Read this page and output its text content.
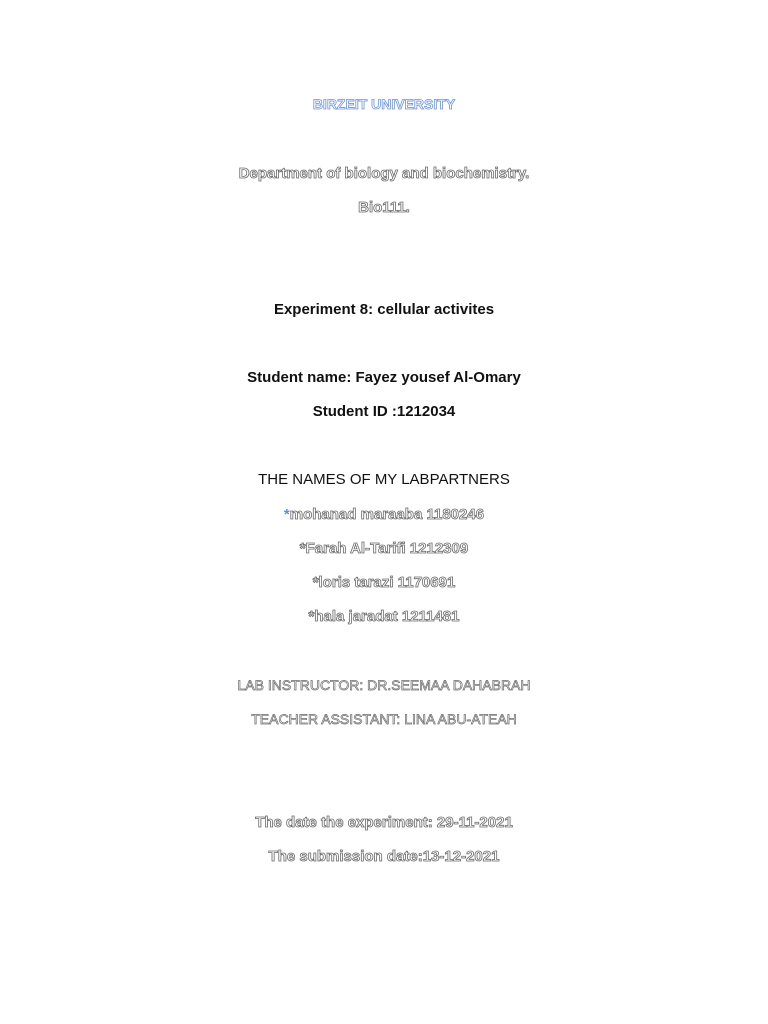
BIRZEIT UNIVERSITY
Department of biology and biochemistry.
Bio111.
Experiment 8: cellular activites
Student name: Fayez yousef Al-Omary
Student ID :1212034
THE NAMES OF MY LABPARTNERS
*mohanad maraaba 1180246
*Farah Al-Tarifi 1212309
*loris tarazi 1170691
*hala jaradat 1211481
LAB INSTRUCTOR: DR.SEEMAA DAHABRAH
TEACHER ASSISTANT: LINA ABU-ATEAH
The date the experiment: 29-11-2021
The submission date:13-12-2021
